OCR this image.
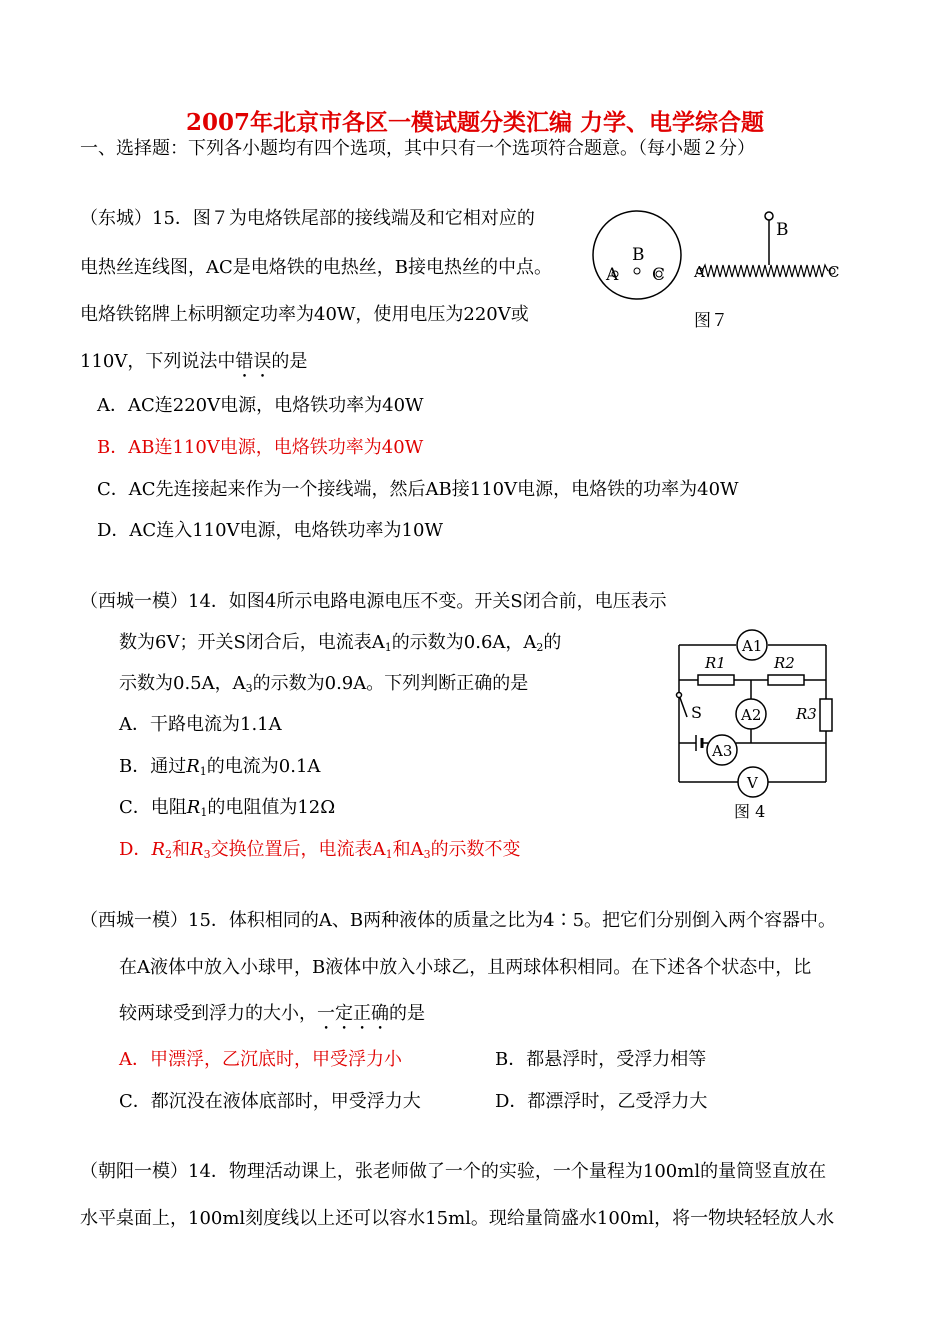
2007年北京市各区一模试题分类汇编 力学、电学综合题
一、选择题：下列各小题均有四个选项，其中只有一个选项符合题意。（每小题２分）
（东城）15．图７为电烙铁尾部的接线端及和它相对应的
电热丝连线图，AC是电烙铁的电热丝，B接电热丝的中点。
电烙铁铭牌上标明额定功率为40W，使用电压为220V或
110V，下列说法中错误的是
A．AC连220V电源，电烙铁功率为40W
B．AB连110V电源，电烙铁功率为40W
C．AC先连接起来作为一个接线端，然后AB接110V电源，电烙铁的功率为40W
D．AC连入110V电源，电烙铁功率为10W
B
A C
B
A	C
图７
（西城一模）14．如图4所示电路电源电压不变。开关S闭合前，电压表示
数为6V；开关S闭合后，电流表$A_1$的示数为0.6A，$A_2$的
示数为0.5A，$A_3$的示数为0.9A。下列判断正确的是
A．干路电流为1.1A
B．通过$R_1$的电流为0.1A
C．电阻$R_1$的电阻值为12Ω
D．$R_2$和$R_3$交换位置后，电流表$A_1$和$A_3$的示数不变
A1
A2
A3
V
R1	R2
R3
S
图 4
（西城一模）15．体积相同的A、B两种液体的质量之比为4∶5。把它们分别倒入两个容器中。
在A液体中放入小球甲，B液体中放入小球乙，且两球体积相同。在下述各个状态中，比
较两球受到浮力的大小，一定正确的是
A．甲漂浮，乙沉底时，甲受浮力小	B．都悬浮时，受浮力相等
C．都沉没在液体底部时，甲受浮力大	D．都漂浮时，乙受浮力大
（朝阳一模）14．物理活动课上，张老师做了一个的实验，一个量程为100ml的量筒竖直放在
水平桌面上，100ml刻度线以上还可以容水15ml。现给量筒盛水100ml，将一物块轻轻放人水
